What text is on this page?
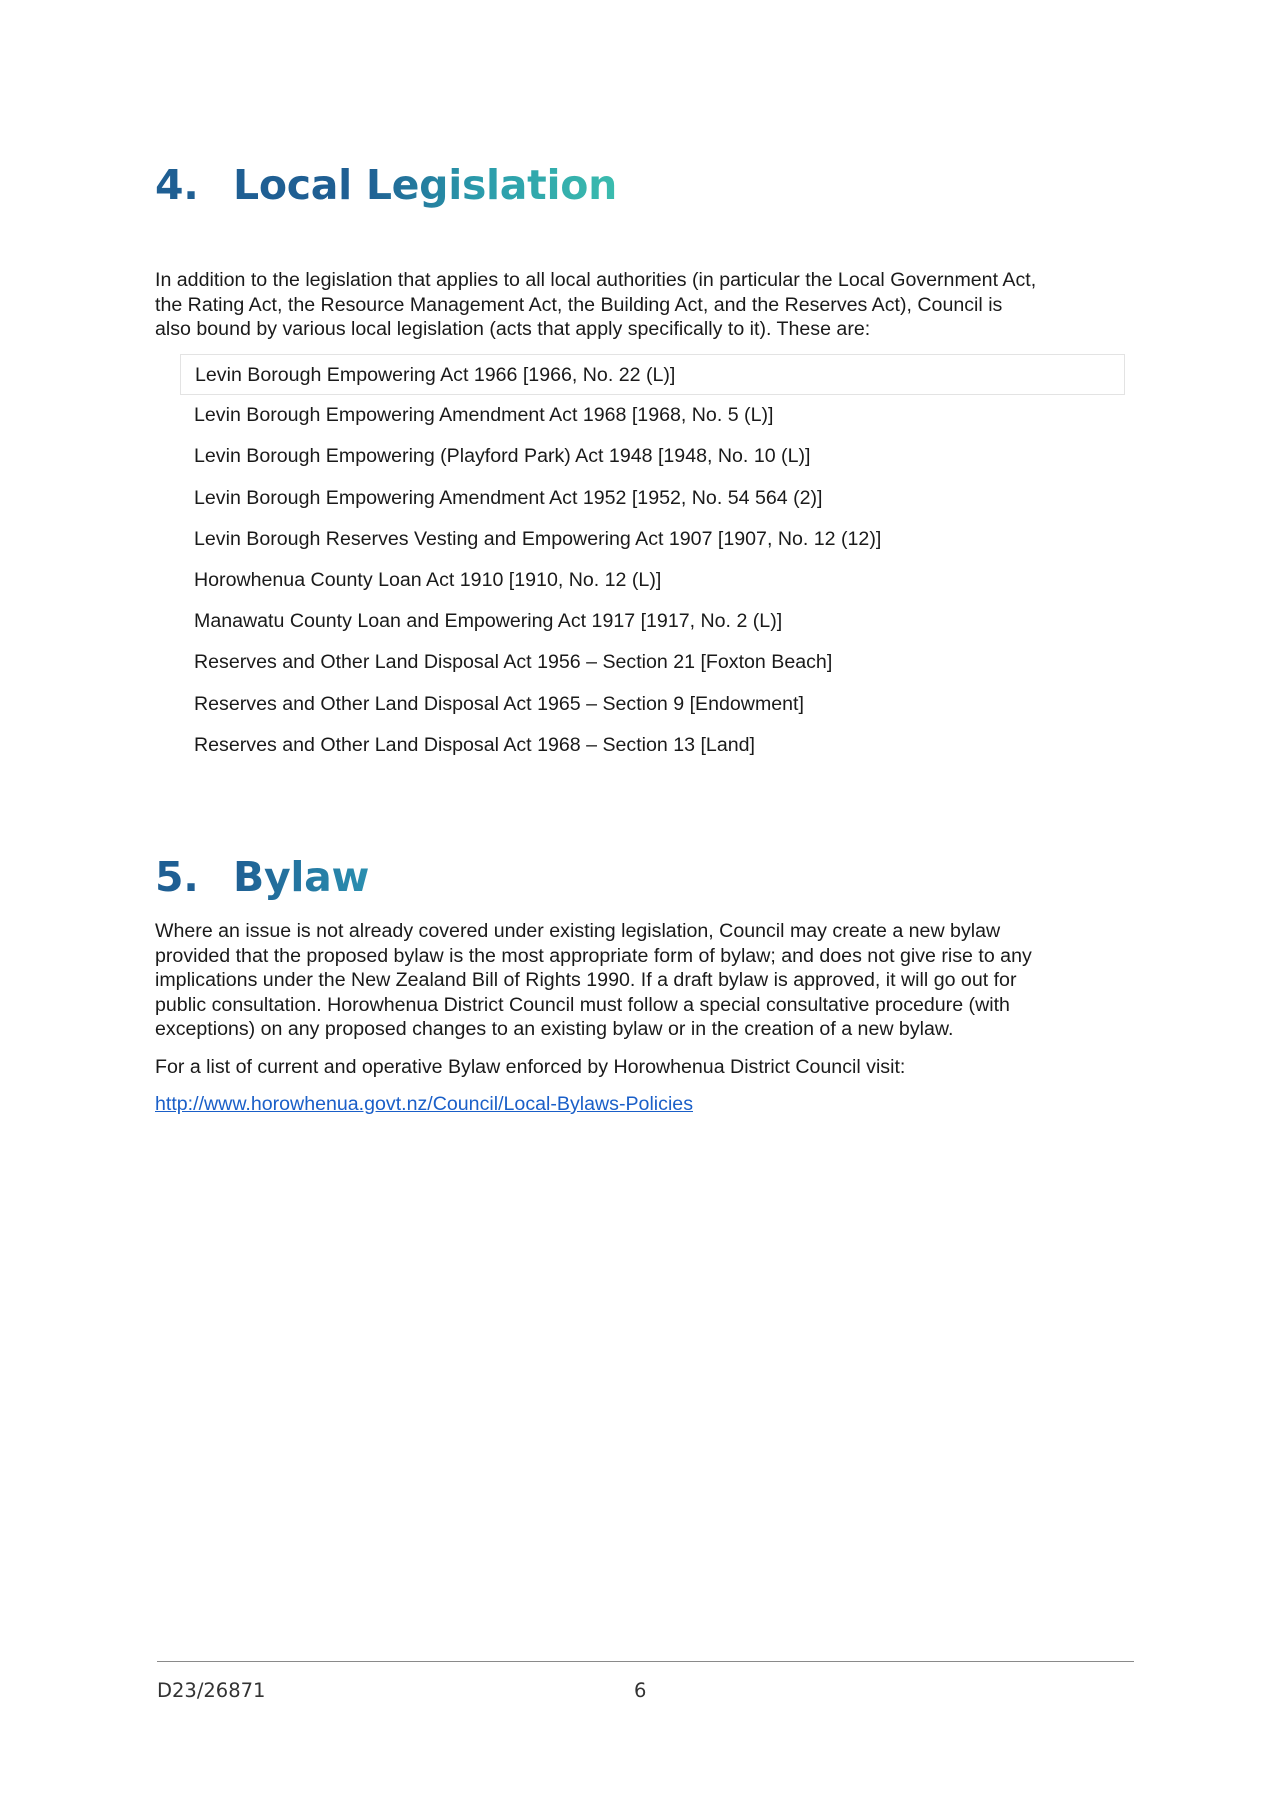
4. Local Legislation
In addition to the legislation that applies to all local authorities (in particular the Local Government Act,
the Rating Act, the Resource Management Act, the Building Act, and the Reserves Act), Council is
also bound by various local legislation (acts that apply specifically to it). These are:
Levin Borough Empowering Act 1966 [1966, No. 22 (L)]
Levin Borough Empowering Amendment Act 1968 [1968, No. 5 (L)]
Levin Borough Empowering (Playford Park) Act 1948 [1948, No. 10 (L)]
Levin Borough Empowering Amendment Act 1952 [1952, No. 54 564 (2)]
Levin Borough Reserves Vesting and Empowering Act 1907 [1907, No. 12 (12)]
Horowhenua County Loan Act 1910 [1910, No. 12 (L)]
Manawatu County Loan and Empowering Act 1917 [1917, No. 2 (L)]
Reserves and Other Land Disposal Act 1956 – Section 21 [Foxton Beach]
Reserves and Other Land Disposal Act 1965 – Section 9 [Endowment]
Reserves and Other Land Disposal Act 1968 – Section 13 [Land]
5. Bylaw
Where an issue is not already covered under existing legislation, Council may create a new bylaw
provided that the proposed bylaw is the most appropriate form of bylaw; and does not give rise to any
implications under the New Zealand Bill of Rights 1990. If a draft bylaw is approved, it will go out for
public consultation. Horowhenua District Council must follow a special consultative procedure (with
exceptions) on any proposed changes to an existing bylaw or in the creation of a new bylaw.
For a list of current and operative Bylaw enforced by Horowhenua District Council visit:
http://www.horowhenua.govt.nz/Council/Local-Bylaws-Policies
D23/26871	6
